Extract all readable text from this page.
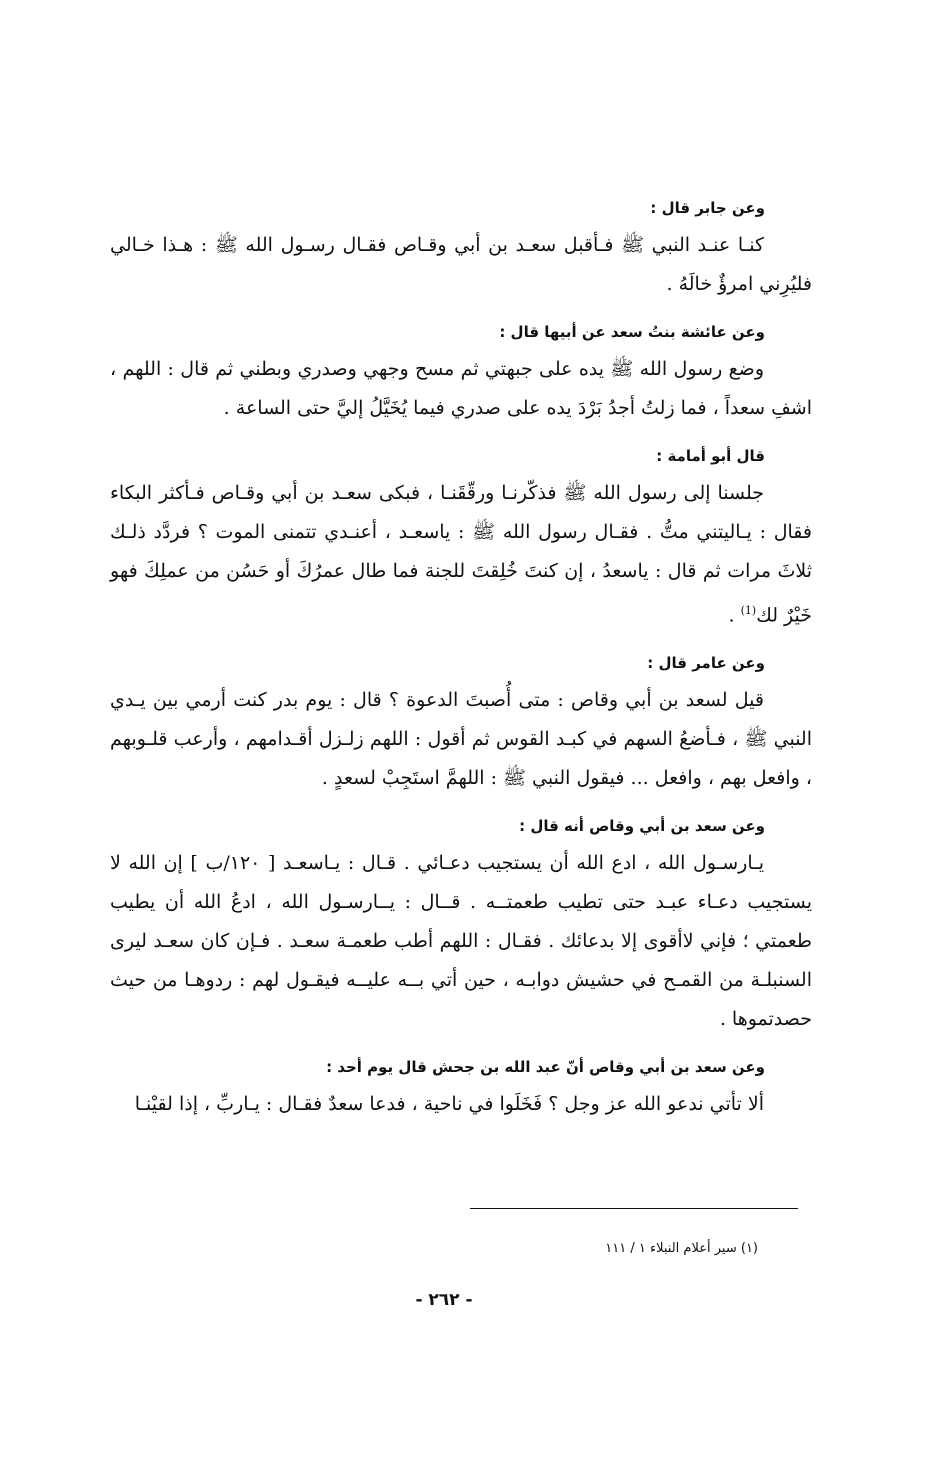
وعن جابر قال :
كنـا عنـد النبي ﷺ فـأقبل سعـد بن أبي وقـاص فقـال رسـول الله ﷺ : هـذا خـالي فليُرِني امرؤٌ خالَهُ .
وعن عائشة بنتُ سعد عن أبيها قال :
وضع رسول الله ﷺ يده على جبهتي ثم مسح وجهي وصدري وبطني ثم قال : اللهم ، اشفِ سعداً ، فما زلتُ أجدُ بَرْدَ يده على صدري فيما يُخَيَّلُ إليَّ حتى الساعة .
قال أبو أمامة :
جلسنا إلى رسول الله ﷺ فذكّرنـا ورقّقَنـا ، فبكى سعـد بن أبي وقـاص فـأكثر البكاء فقال : يـاليتني متُّ . فقـال رسول الله ﷺ : ياسعـد ، أعنـدي تتمنى الموت ؟ فردَّد ذلـك ثلاثَ مرات ثم قال : ياسعدُ ، إن كنتَ خُلِقتَ للجنة فما طال عمرُكَ أو حَسُن من عملِكَ فهو خَيْرٌ لك$^{(1)}$ .
وعن عامر قال :
قيل لسعد بن أبي وقاص : متى أُصبتَ الدعوة ؟ قال : يوم بدر كنت أرمي بين يـدي النبي ﷺ ، فـأضعُ السهم في كبـد القوس ثم أقول : اللهم زلـزل أقـدامهم ، وأرعب قلـوبهم ، وافعل بهم ، وافعل ... فيقول النبي ﷺ : اللهمَّ استَجِبْ لسعدٍ .
وعن سعد بن أبي وقاص أنه قال :
يـارسـول الله ، ادع الله أن يستجيب دعـائي . قـال : يـاسعـد [ ١٢٠/ب ] إن الله لا يستجيب دعـاء عبـد حتى تطيب طعمتــه . قــال : يــارسـول الله ، ادعُ الله أن يطيب طعمتي ؛ فإني لاأقوى إلا بدعائك . فقـال : اللهم أطب طعمـة سعـد . فـإن كان سعـد ليرى السنبلـة من القمـح في حشيش دوابـه ، حين أتي بــه عليــه فيقـول لهم : ردوهـا من حيث حصدتموها .
وعن سعد بن أبي وقاص أنّ عبد الله بن جحش قال يوم أحد :
ألا تأتي ندعو الله عز وجل ؟ فَخَلَوا في ناحية ، فدعا سعدٌ فقـال : يـاربِّ ، إذا لقيْنـا
(١) سير أعلام النبلاء ١ / ١١١
- ٢٦٢ -
